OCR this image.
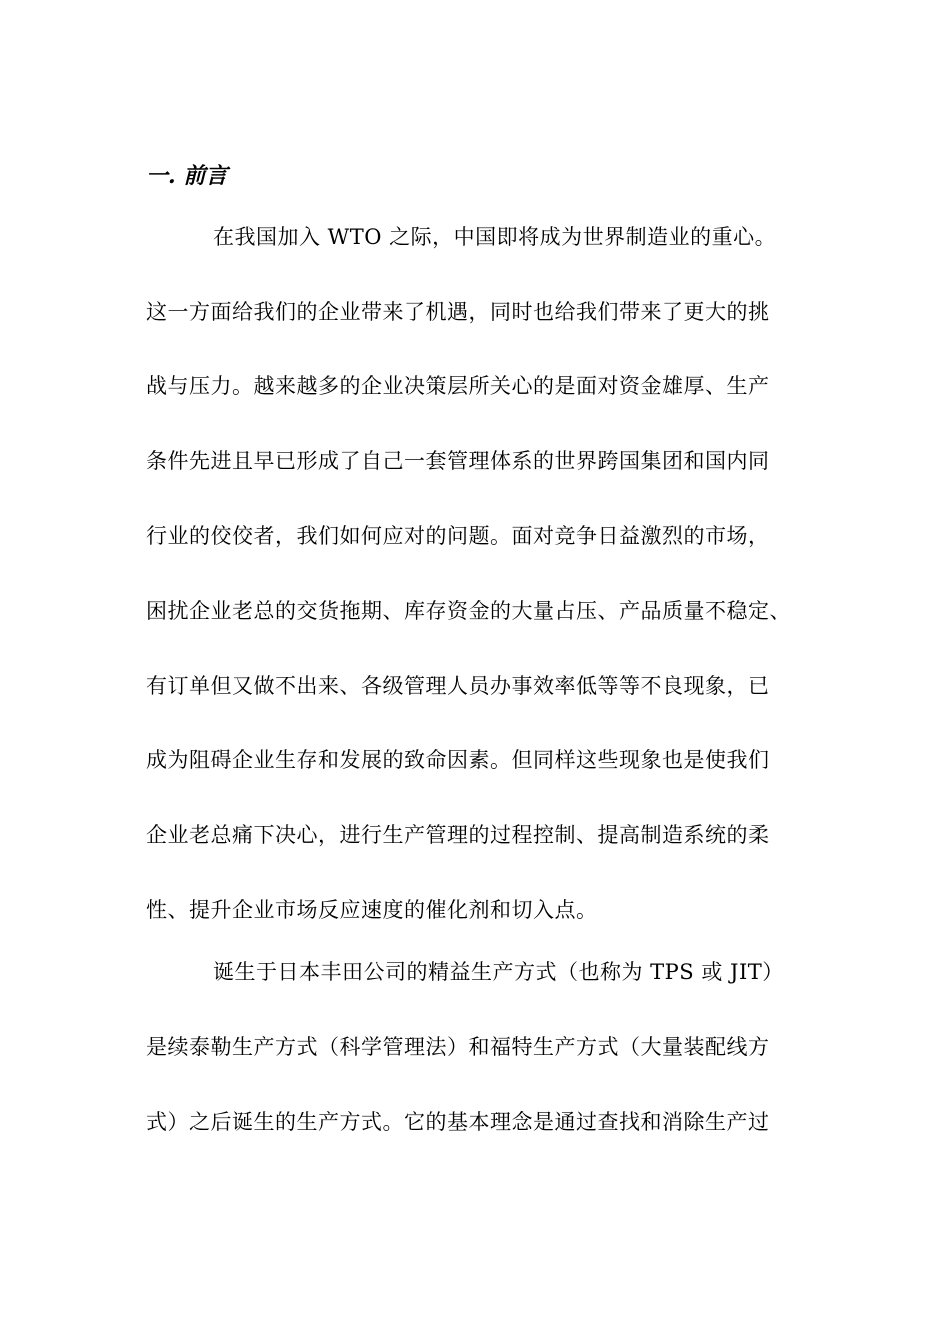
一. 前言
在我国加入 WTO 之际，中国即将成为世界制造业的重心。
这一方面给我们的企业带来了机遇，同时也给我们带来了更大的挑
战与压力。越来越多的企业决策层所关心的是面对资金雄厚、生产
条件先进且早已形成了自己一套管理体系的世界跨国集团和国内同
行业的佼佼者，我们如何应对的问题。面对竞争日益激烈的市场，
困扰企业老总的交货拖期、库存资金的大量占压、产品质量不稳定、
有订单但又做不出来、各级管理人员办事效率低等等不良现象，已
成为阻碍企业生存和发展的致命因素。但同样这些现象也是使我们
企业老总痛下决心，进行生产管理的过程控制、提高制造系统的柔
性、提升企业市场反应速度的催化剂和切入点。
诞生于日本丰田公司的精益生产方式（也称为 TPS 或 JIT）
是续泰勒生产方式（科学管理法）和福特生产方式（大量装配线方
式）之后诞生的生产方式。它的基本理念是通过查找和消除生产过
